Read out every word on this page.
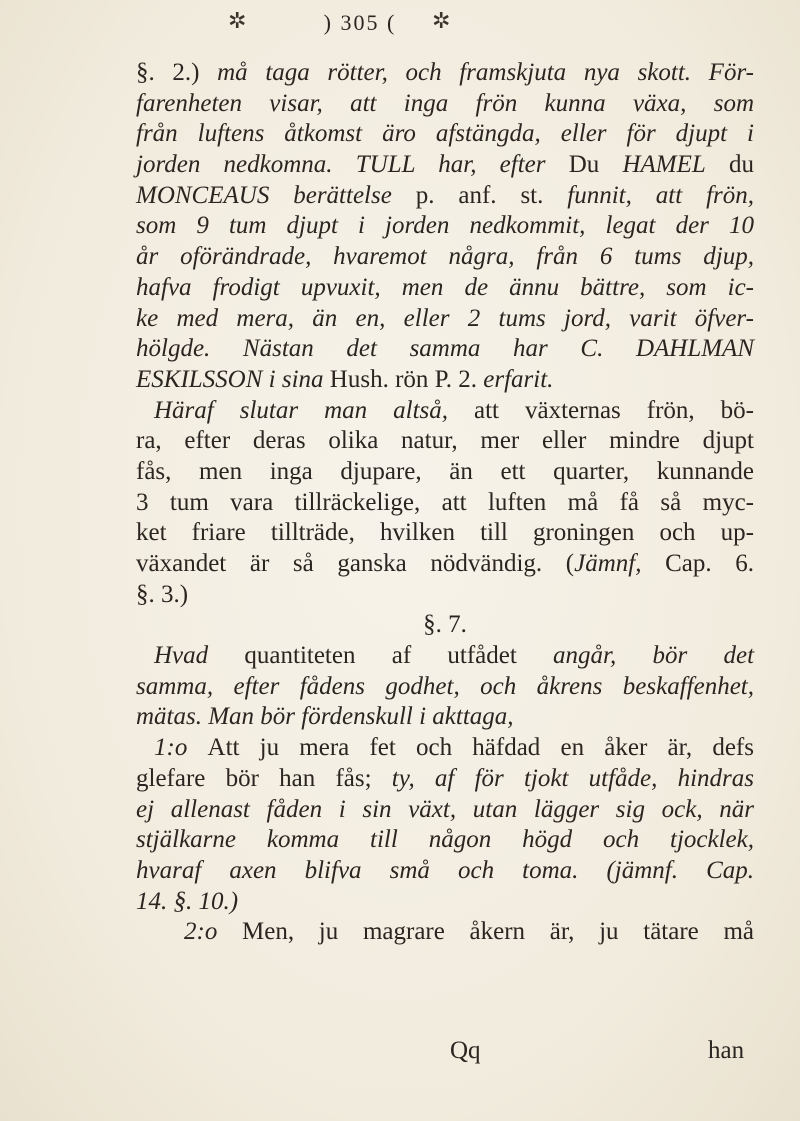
✲	) 305 (	✲
§. 2.) må taga rötter, och framskjuta nya skott. För-
farenheten visar, att inga frön kunna växa, som
från luftens åtkomst äro afstängda, eller för djupt i
jorden nedkomna. TULL har, efter Du HAMEL du
MONCEAUS berättelse p. anf. st. funnit, att frön,
som 9 tum djupt i jorden nedkommit, legat der 10
år oförändrade, hvaremot några, från 6 tums djup,
hafva frodigt upvuxit, men de ännu bättre, som ic-
ke med mera, än en, eller 2 tums jord, varit öfver-
hölgde. Nästan det samma har C. DAHLMAN
ESKILSSON i sina Hush. rön P. 2. erfarit.
Häraf slutar man altså, att växternas frön, bö-
ra, efter deras olika natur, mer eller mindre djupt
fås, men inga djupare, än ett quarter, kunnande
3 tum vara tillräckelige, att luften må få så myc-
ket friare tillträde, hvilken till groningen och up-
växandet är så ganska nödvändig. (Jämnf, Cap. 6.
§. 3.)
§. 7.
Hvad quantiteten af utfådet angår, bör det
samma, efter fådens godhet, och åkrens beskaffenhet,
mätas. Man bör fördenskull i akttaga,
1:o Att ju mera fet och häfdad en åker är, defs
glefare bör han fås; ty, af för tjokt utfåde, hindras
ej allenast fåden i sin växt, utan lägger sig ock, när
stjälkarne komma till någon högd och tjocklek,
hvaraf axen blifva små och toma. (jämnf. Cap.
14. §. 10.)
2:o Men, ju magrare åkern är, ju tätare må
Qq	han
